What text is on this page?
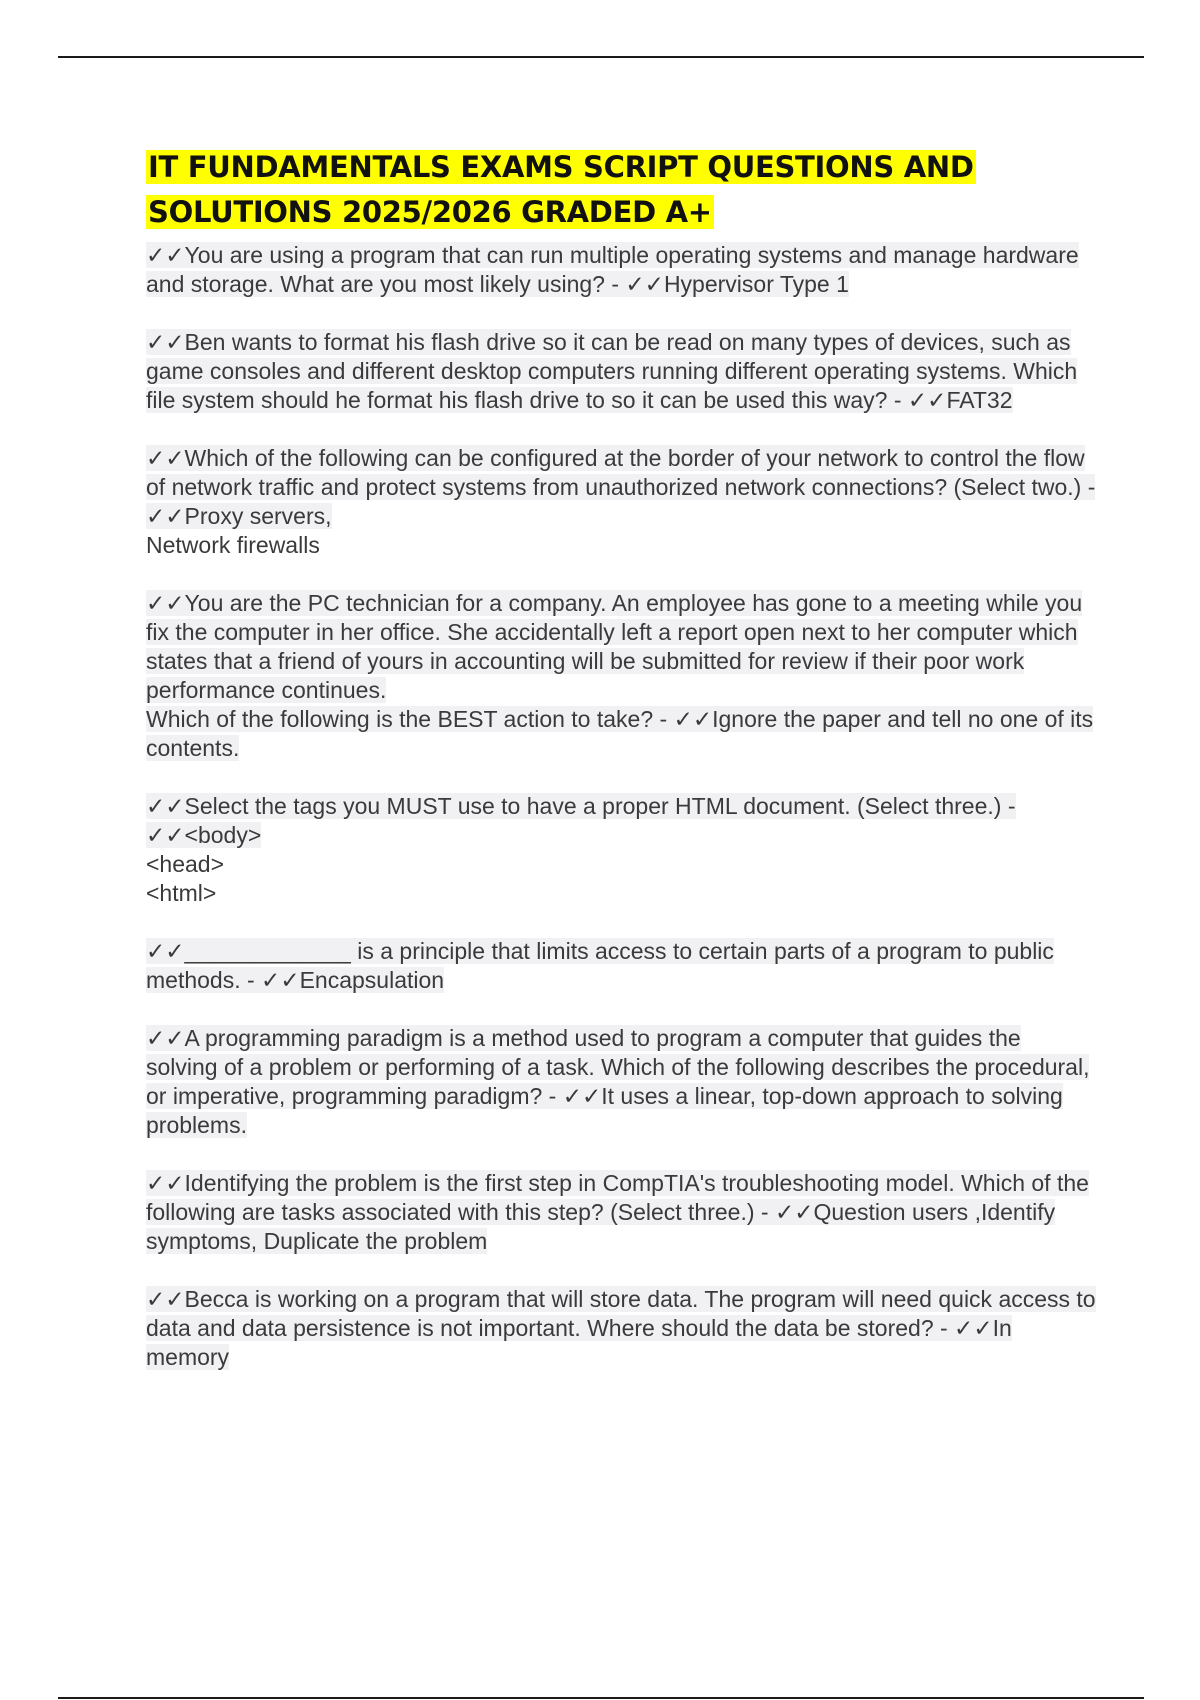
IT FUNDAMENTALS EXAMS SCRIPT QUESTIONS AND SOLUTIONS 2025/2026 GRADED A+
✓✓You are using a program that can run multiple operating systems and manage hardware and storage. What are you most likely using? - ✓✓Hypervisor Type 1
✓✓Ben wants to format his flash drive so it can be read on many types of devices, such as game consoles and different desktop computers running different operating systems. Which file system should he format his flash drive to so it can be used this way? - ✓✓FAT32
✓✓Which of the following can be configured at the border of your network to control the flow of network traffic and protect systems from unauthorized network connections? (Select two.) - ✓✓Proxy servers,
Network firewalls
✓✓You are the PC technician for a company. An employee has gone to a meeting while you fix the computer in her office. She accidentally left a report open next to her computer which states that a friend of yours in accounting will be submitted for review if their poor work performance continues.
Which of the following is the BEST action to take? - ✓✓Ignore the paper and tell no one of its contents.
✓✓Select the tags you MUST use to have a proper HTML document. (Select three.) - ✓✓<body>
<head>
<html>
✓✓_____________ is a principle that limits access to certain parts of a program to public methods. - ✓✓Encapsulation
✓✓A programming paradigm is a method used to program a computer that guides the solving of a problem or performing of a task. Which of the following describes the procedural, or imperative, programming paradigm? - ✓✓It uses a linear, top-down approach to solving problems.
✓✓Identifying the problem is the first step in CompTIA's troubleshooting model. Which of the following are tasks associated with this step? (Select three.) - ✓✓Question users ,Identify symptoms, Duplicate the problem
✓✓Becca is working on a program that will store data. The program will need quick access to data and data persistence is not important. Where should the data be stored? - ✓✓In memory
